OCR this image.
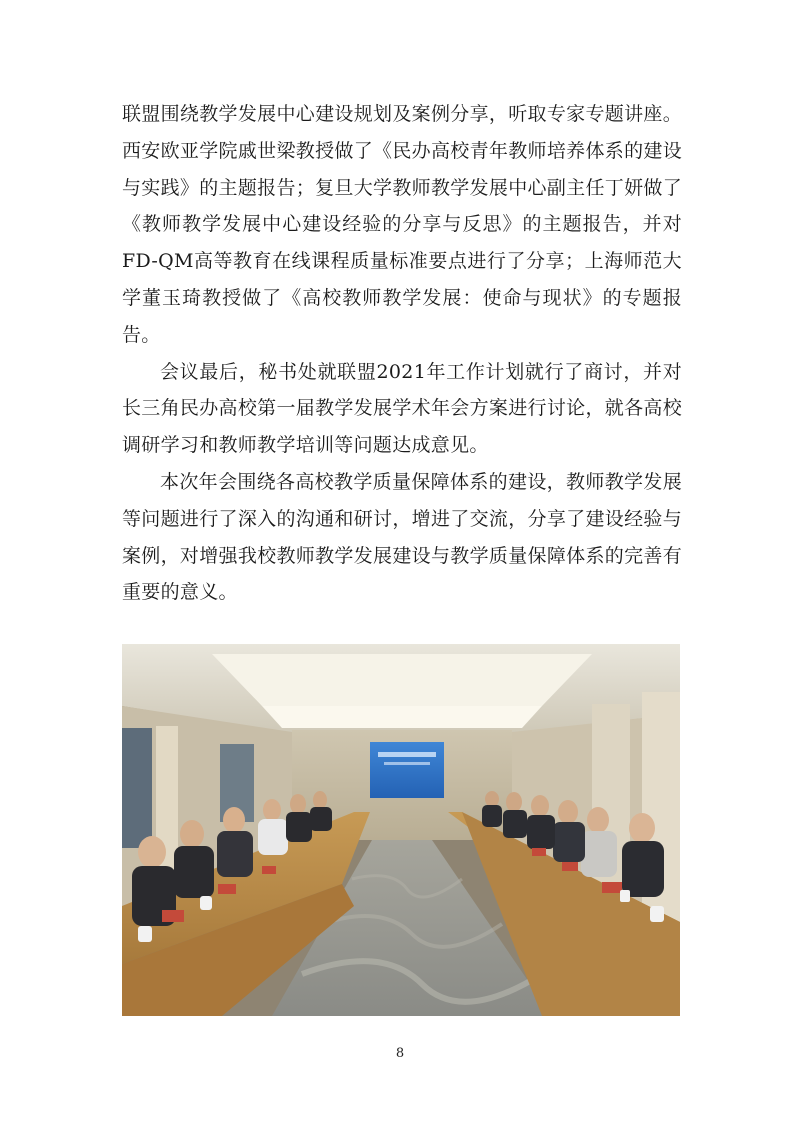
联盟围绕教学发展中心建设规划及案例分享，听取专家专题讲座。西安欧亚学院戚世梁教授做了《民办高校青年教师培养体系的建设与实践》的主题报告；复旦大学教师教学发展中心副主任丁妍做了《教师教学发展中心建设经验的分享与反思》的主题报告，并对FD-QM高等教育在线课程质量标准要点进行了分享；上海师范大学董玉琦教授做了《高校教师教学发展：使命与现状》的专题报告。

会议最后，秘书处就联盟2021年工作计划就行了商讨，并对长三角民办高校第一届教学发展学术年会方案进行讨论，就各高校调研学习和教师教学培训等问题达成意见。

本次年会围绕各高校教学质量保障体系的建设，教师教学发展等问题进行了深入的沟通和研讨，增进了交流，分享了建设经验与案例，对增强我校教师教学发展建设与教学质量保障体系的完善有重要的意义。

8
